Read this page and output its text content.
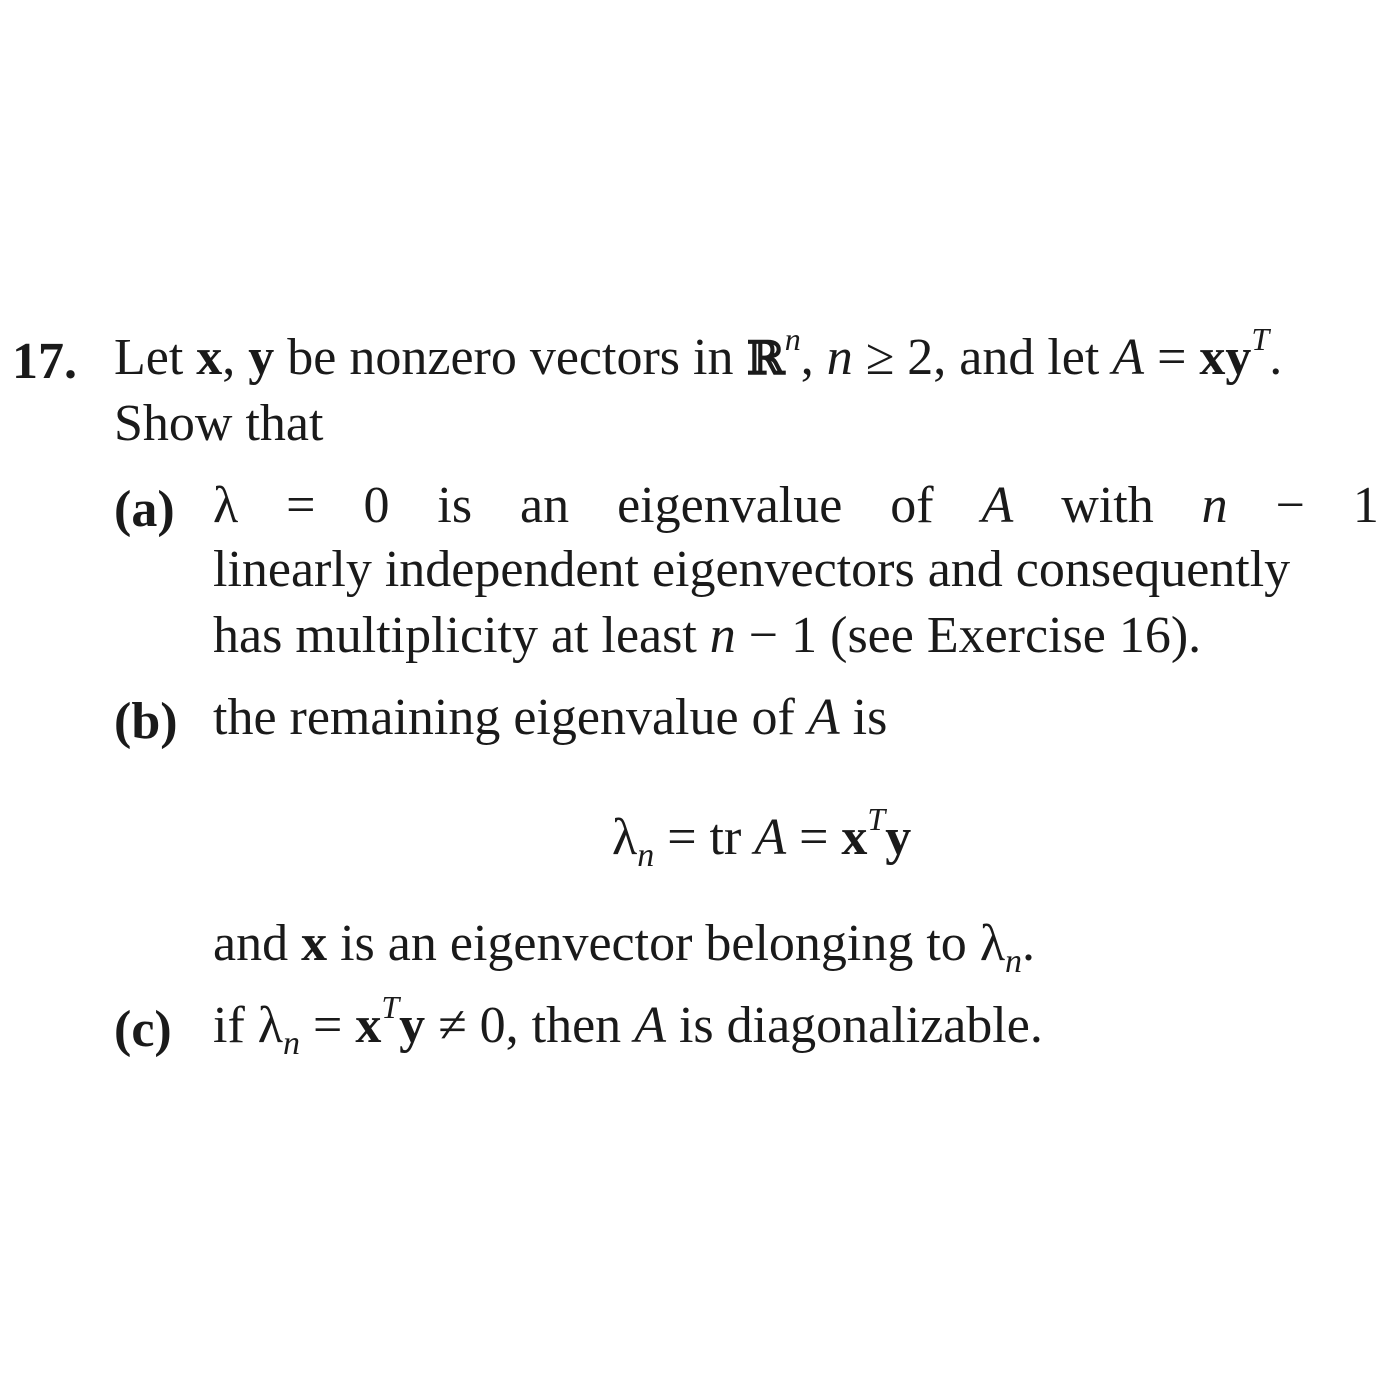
17. Let x, y be nonzero vectors in ℝ$^n$, n ≥ 2, and let $A = xy^T$.
Show that
(a) λ = 0 is an eigenvalue of A with n − 1
linearly independent eigenvectors and consequently
has multiplicity at least n − 1 (see Exercise 16).
(b) the remaining eigenvalue of A is
$\lambda_n$ = tr $A = x^Ty$
and x is an eigenvector belonging to $\lambda_n$.
(c) if $\lambda_n = x^Ty \ne 0$, then A is diagonalizable.
